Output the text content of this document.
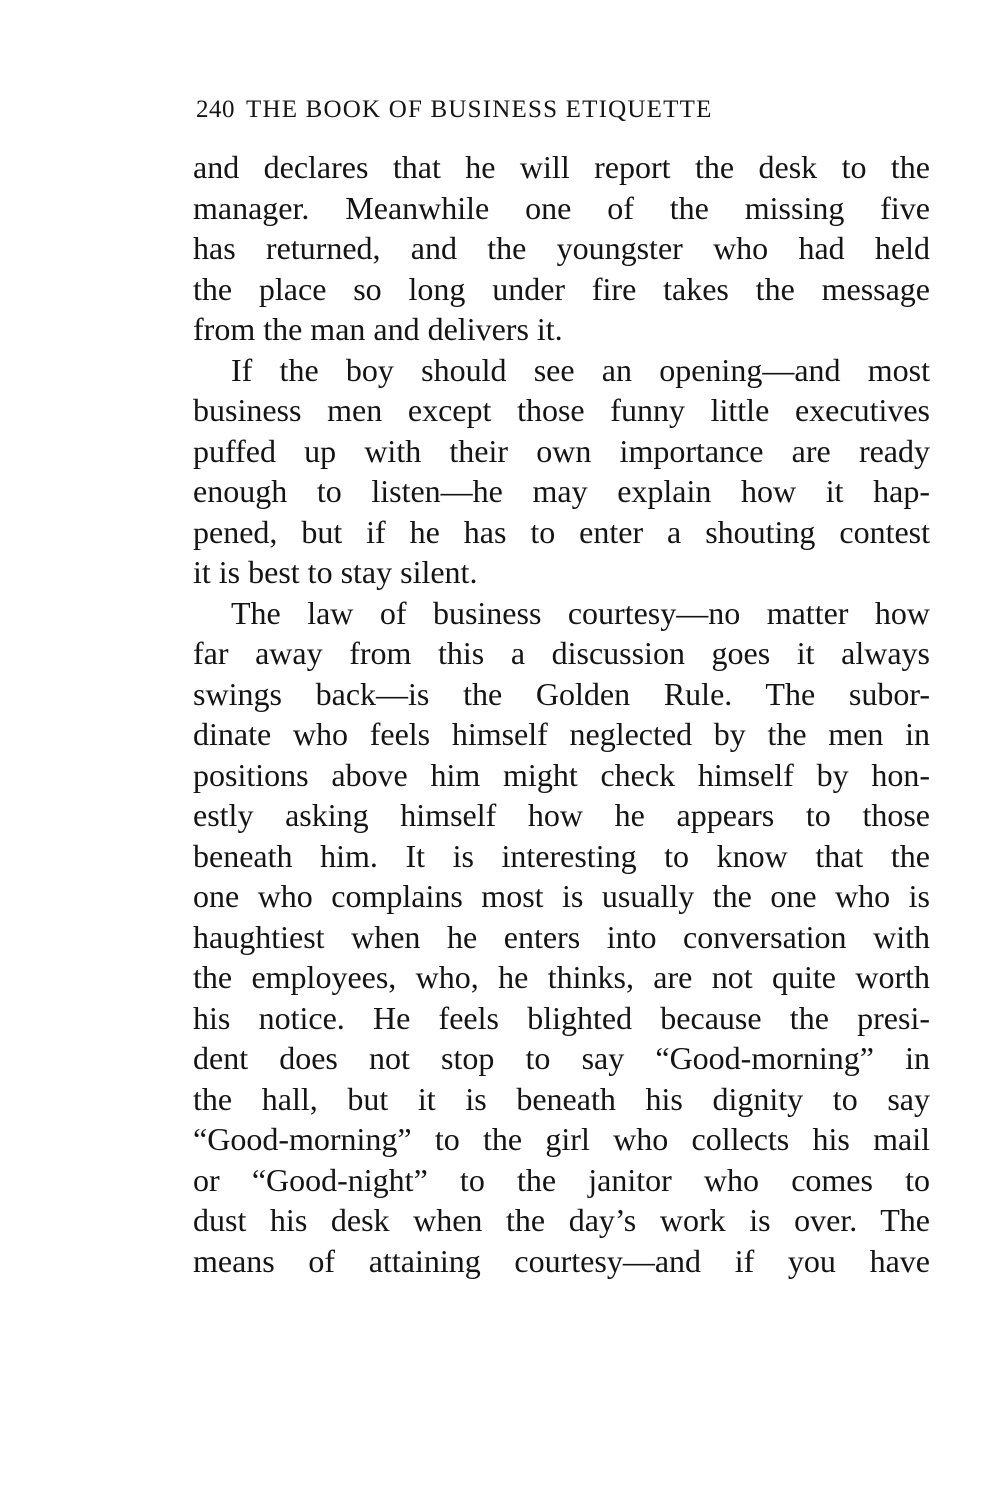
240 THE BOOK OF BUSINESS ETIQUETTE
and declares that he will report the desk to the
manager. Meanwhile one of the missing five
has returned, and the youngster who had held
the place so long under fire takes the message
from the man and delivers it.
If the boy should see an opening—and most
business men except those funny little executives
puffed up with their own importance are ready
enough to listen—he may explain how it hap-
pened, but if he has to enter a shouting contest
it is best to stay silent.
The law of business courtesy—no matter how
far away from this a discussion goes it always
swings back—is the Golden Rule. The subor-
dinate who feels himself neglected by the men in
positions above him might check himself by hon-
estly asking himself how he appears to those
beneath him. It is interesting to know that the
one who complains most is usually the one who is
haughtiest when he enters into conversation with
the employees, who, he thinks, are not quite worth
his notice. He feels blighted because the presi-
dent does not stop to say “Good-morning” in
the hall, but it is beneath his dignity to say
“Good-morning” to the girl who collects his mail
or “Good-night” to the janitor who comes to
dust his desk when the day’s work is over. The
means of attaining courtesy—and if you have
